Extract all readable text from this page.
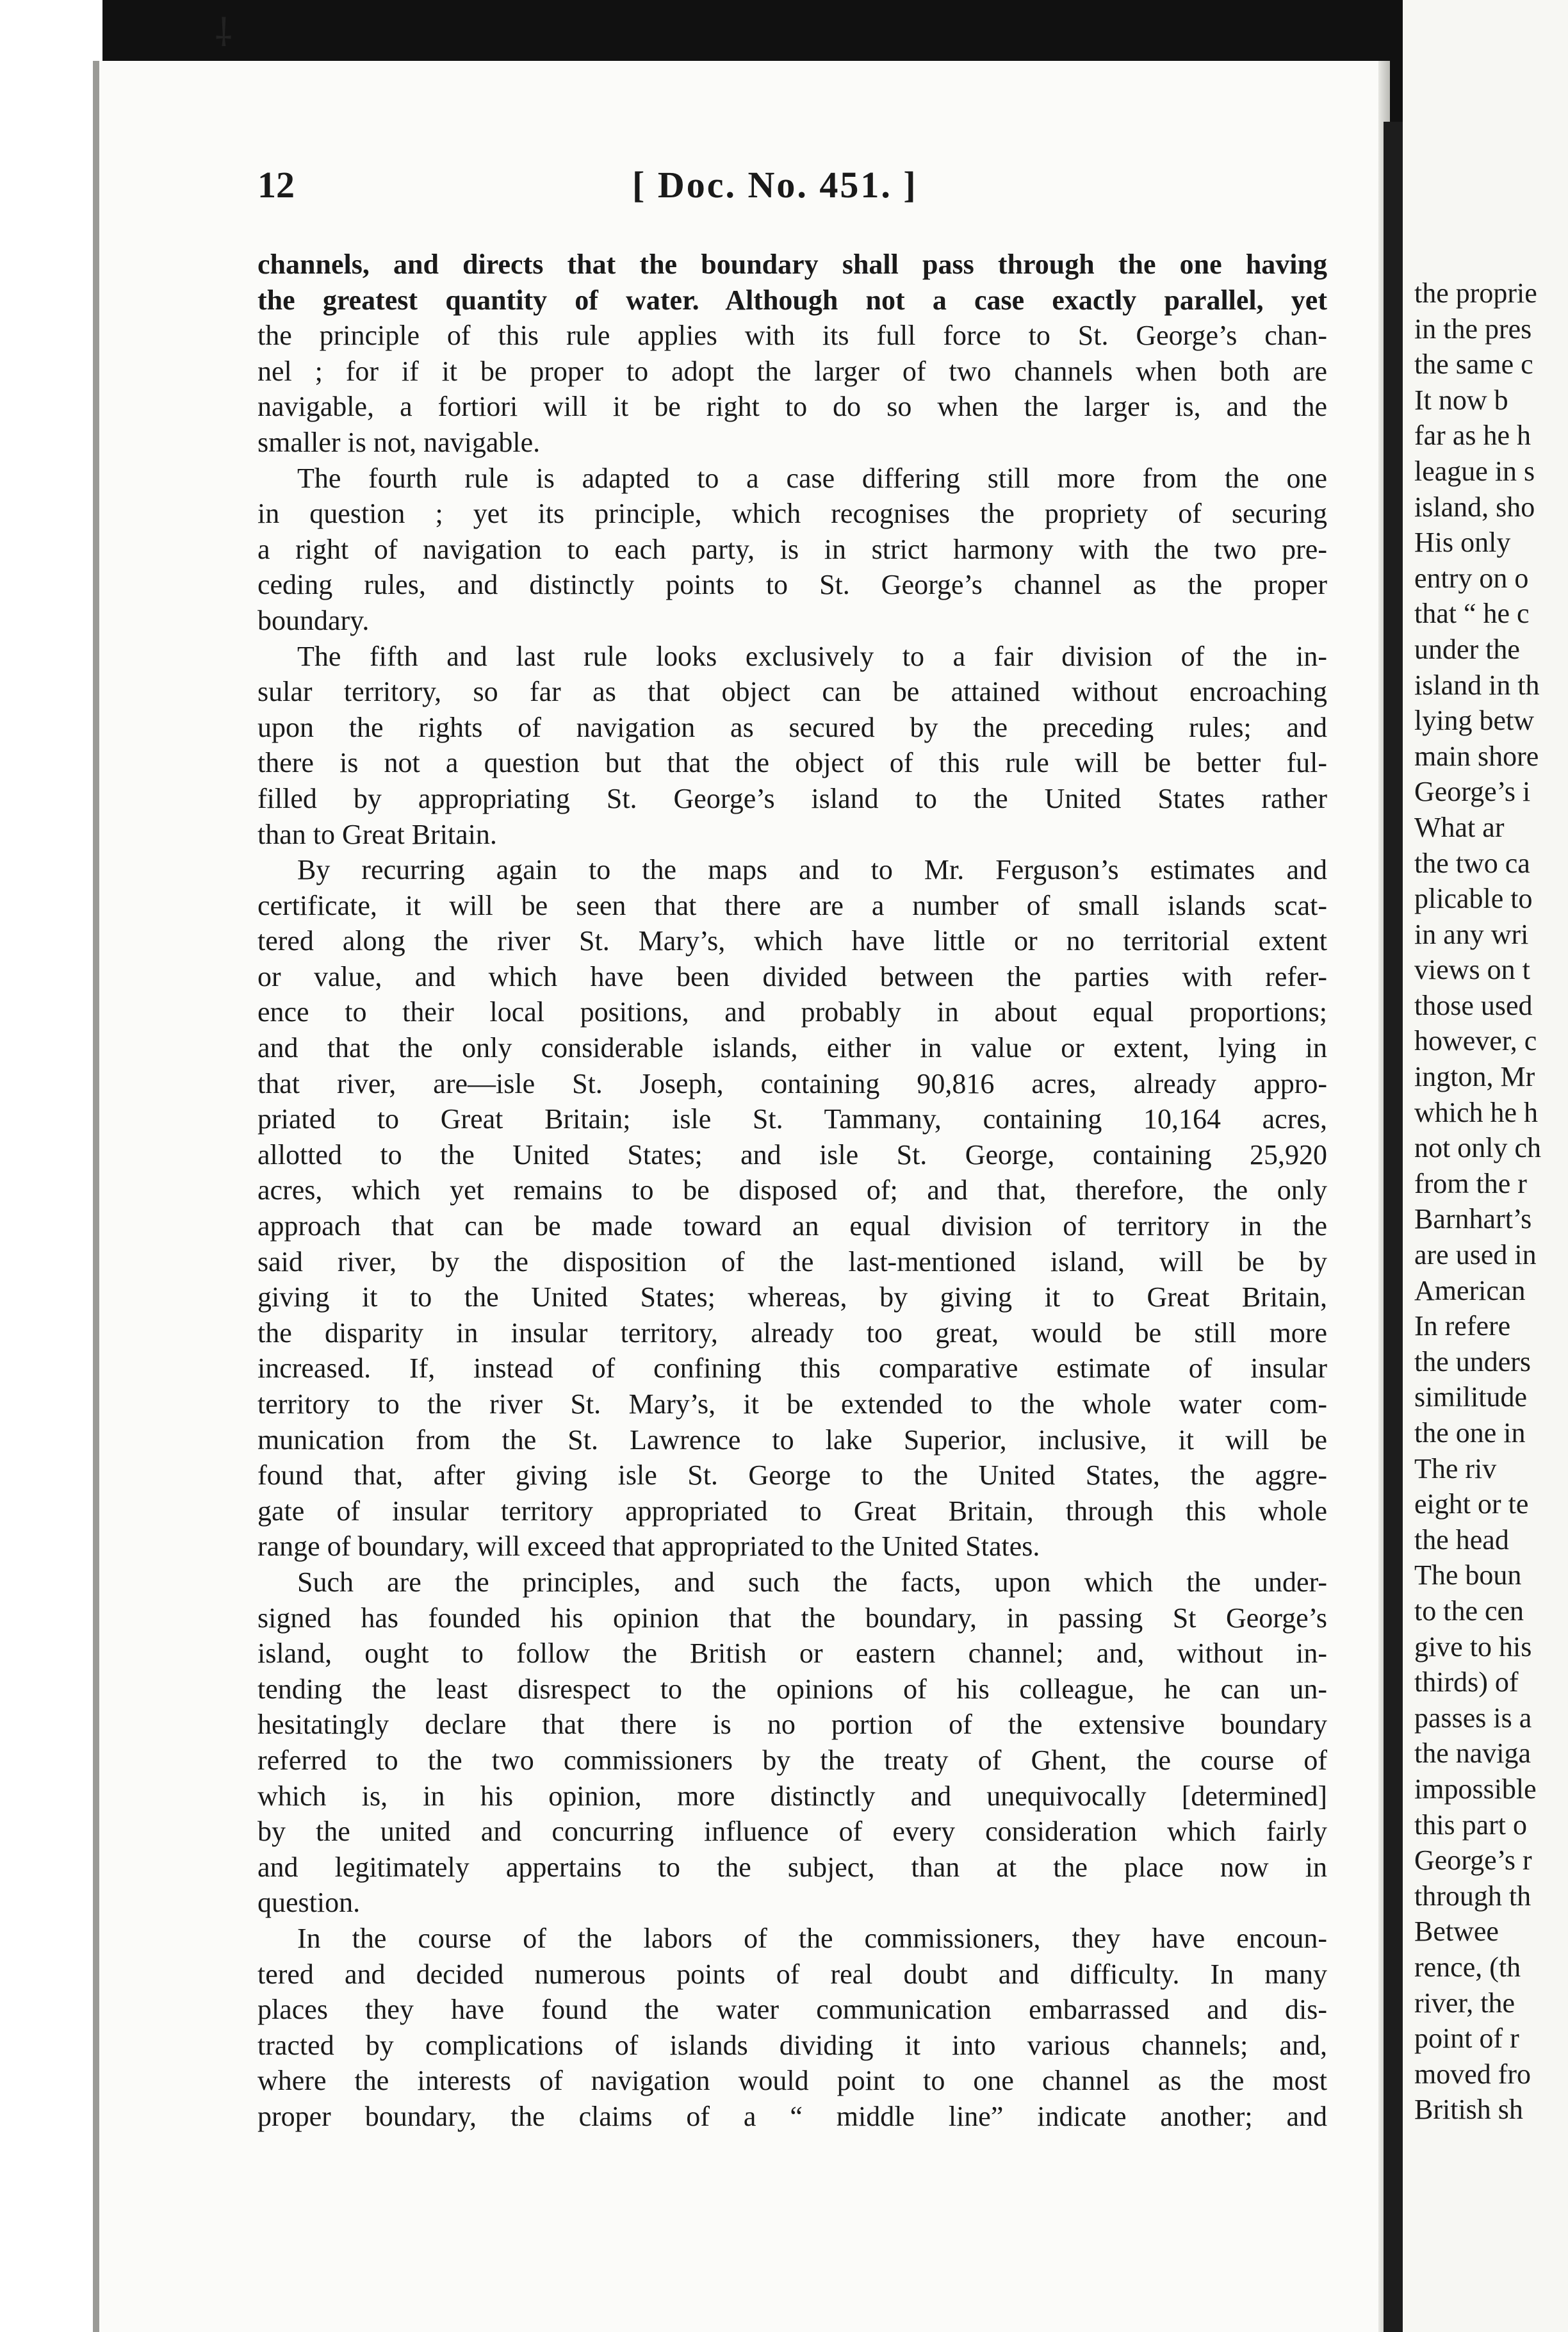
⸸
12	[ Doc. No. 451. ]
channels, and directs that the boundary shall pass through the one having
the greatest quantity of water. Although not a case exactly parallel, yet
the principle of this rule applies with its full force to St. George’s chan-
nel ; for if it be proper to adopt the larger of two channels when both are
navigable, a fortiori will it be right to do so when the larger is, and the
smaller is not, navigable.
The fourth rule is adapted to a case differing still more from the one
in question ; yet its principle, which recognises the propriety of securing
a right of navigation to each party, is in strict harmony with the two pre-
ceding rules, and distinctly points to St. George’s channel as the proper
boundary.
The fifth and last rule looks exclusively to a fair division of the in-
sular territory, so far as that object can be attained without encroaching
upon the rights of navigation as secured by the preceding rules; and
there is not a question but that the object of this rule will be better ful-
filled by appropriating St. George’s island to the United States rather
than to Great Britain.
By recurring again to the maps and to Mr. Ferguson’s estimates and
certificate, it will be seen that there are a number of small islands scat-
tered along the river St. Mary’s, which have little or no territorial extent
or value, and which have been divided between the parties with refer-
ence to their local positions, and probably in about equal proportions;
and that the only considerable islands, either in value or extent, lying in
that river, are—isle St. Joseph, containing 90,816 acres, already appro-
priated to Great Britain; isle St. Tammany, containing 10,164 acres,
allotted to the United States; and isle St. George, containing 25,920
acres, which yet remains to be disposed of; and that, therefore, the only
approach that can be made toward an equal division of territory in the
said river, by the disposition of the last-mentioned island, will be by
giving it to the United States; whereas, by giving it to Great Britain,
the disparity in insular territory, already too great, would be still more
increased. If, instead of confining this comparative estimate of insular
territory to the river St. Mary’s, it be extended to the whole water com-
munication from the St. Lawrence to lake Superior, inclusive, it will be
found that, after giving isle St. George to the United States, the aggre-
gate of insular territory appropriated to Great Britain, through this whole
range of boundary, will exceed that appropriated to the United States.
Such are the principles, and such the facts, upon which the under-
signed has founded his opinion that the boundary, in passing St George’s
island, ought to follow the British or eastern channel; and, without in-
tending the least disrespect to the opinions of his colleague, he can un-
hesitatingly declare that there is no portion of the extensive boundary
referred to the two commissioners by the treaty of Ghent, the course of
which is, in his opinion, more distinctly and unequivocally [determined]
by the united and concurring influence of every consideration which fairly
and legitimately appertains to the subject, than at the place now in
question.
In the course of the labors of the commissioners, they have encoun-
tered and decided numerous points of real doubt and difficulty. In many
places they have found the water communication embarrassed and dis-
tracted by complications of islands dividing it into various channels; and,
where the interests of navigation would point to one channel as the most
proper boundary, the claims of a “ middle line” indicate another; and
the proprie
in the pres
the same c
It now b
far as he h
league in s
island, sho
His only
entry on o
that “ he c
under the
island in th
lying betw
main shore
George’s i
What ar
the two ca
plicable to
in any wri
views on t
those used
however, c
ington, Mr
which he h
not only ch
from the r
Barnhart’s
are used in
American
In refere
the unders
similitude
the one in
The riv
eight or te
the head
The boun
to the cen
give to his
thirds) of
passes is a
the naviga
impossible
this part o
George’s r
through th
Betwee
rence, (th
river, the
point of r
moved fro
British sh
